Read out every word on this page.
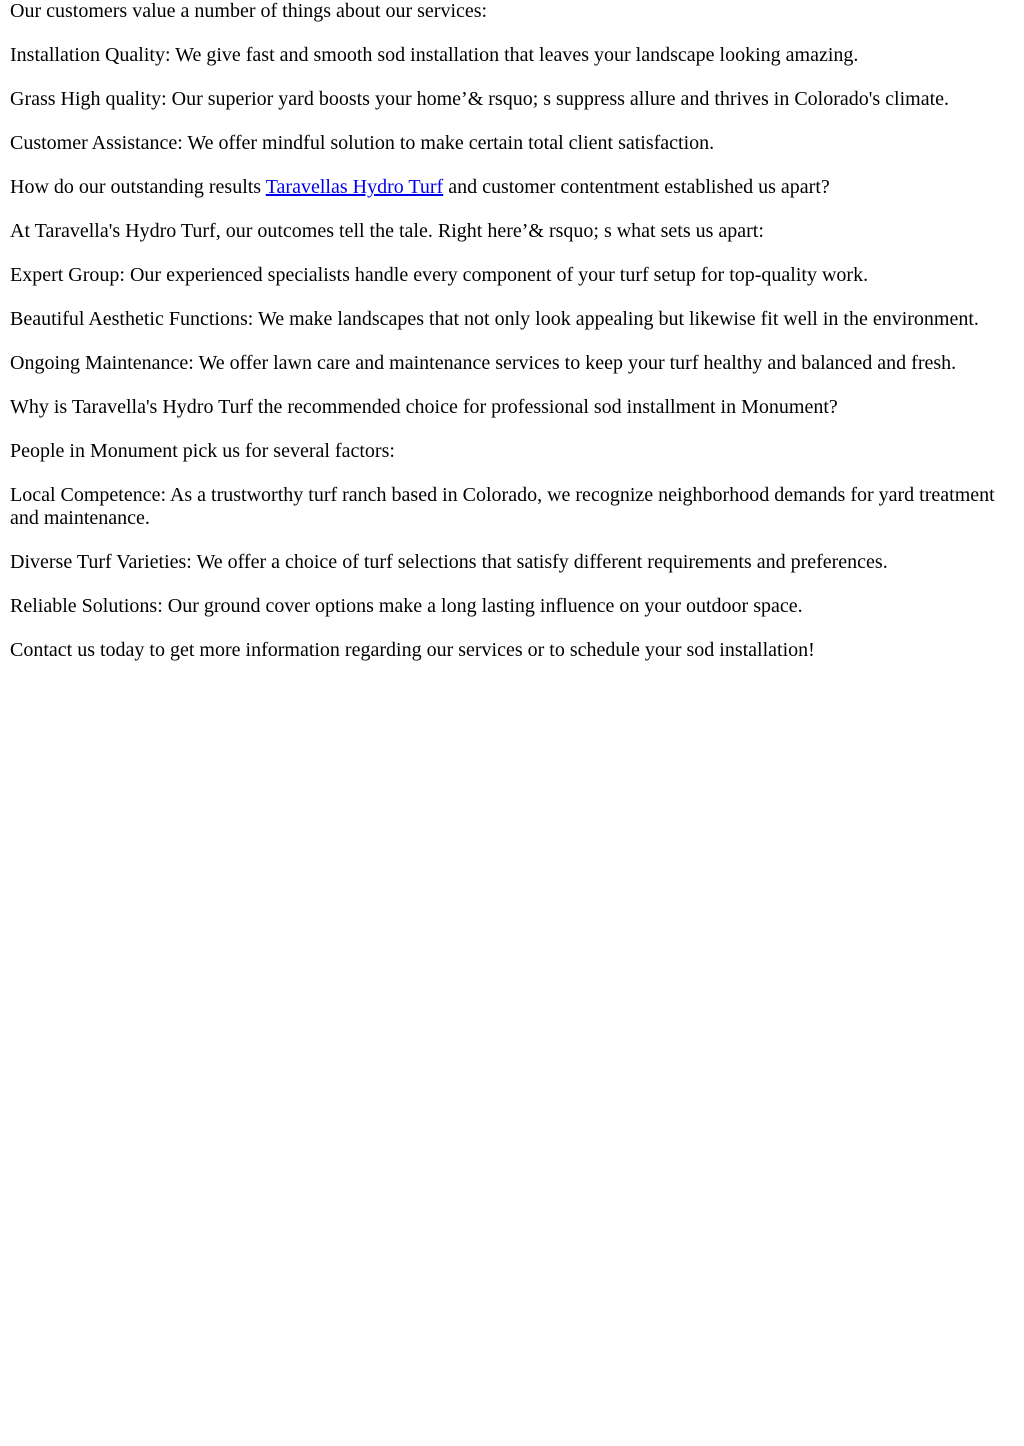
Our customers value a number of things about our services:

Installation Quality: We give fast and smooth sod installation that leaves your landscape looking amazing.

Grass High quality: Our superior yard boosts your home’& rsquo; s suppress allure and thrives in Colorado's climate.

Customer Assistance: We offer mindful solution to make certain total client satisfaction.

How do our outstanding results Taravellas Hydro Turf and customer contentment established us apart?

At Taravella's Hydro Turf, our outcomes tell the tale. Right here’& rsquo; s what sets us apart:

Expert Group: Our experienced specialists handle every component of your turf setup for top-quality work.

Beautiful Aesthetic Functions: We make landscapes that not only look appealing but likewise fit well in the environment.

Ongoing Maintenance: We offer lawn care and maintenance services to keep your turf healthy and balanced and fresh.

Why is Taravella's Hydro Turf the recommended choice for professional sod installment in Monument?

People in Monument pick us for several factors:

Local Competence: As a trustworthy turf ranch based in Colorado, we recognize neighborhood demands for yard treatment and maintenance.

Diverse Turf Varieties: We offer a choice of turf selections that satisfy different requirements and preferences.

Reliable Solutions: Our ground cover options make a long lasting influence on your outdoor space.

Contact us today to get more information regarding our services or to schedule your sod installation!
